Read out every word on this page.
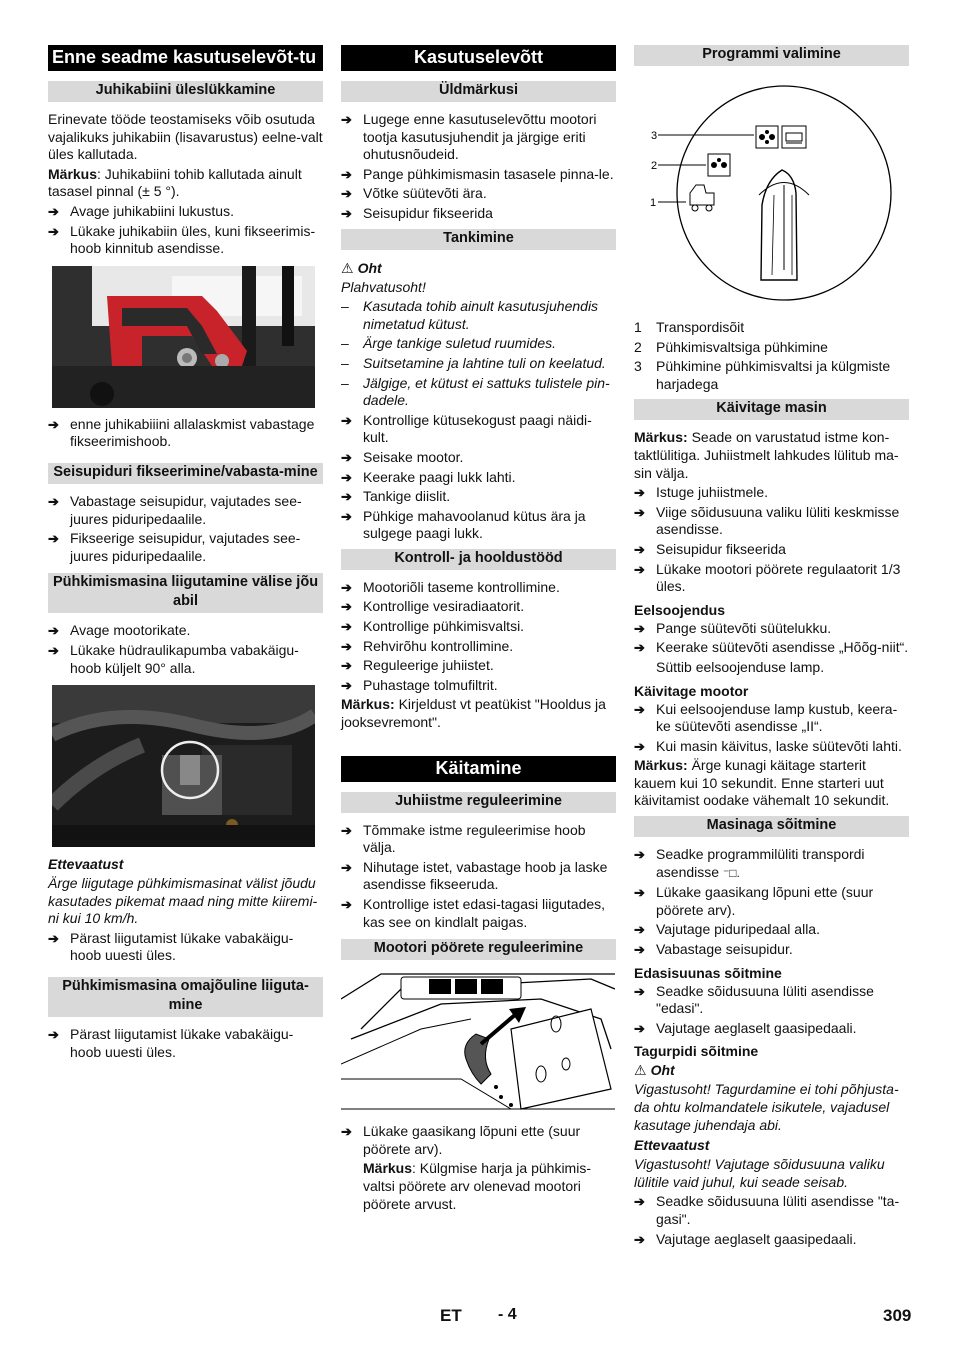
Enne seadme kasutuselevõt-tu
Juhikabiini üleslükkamine
Erinevate tööde teostamiseks võib osutuda vajalikuks juhikabiin (lisavarustus) eelne-valt üles kallutada.
Märkus: Juhikabiini tohib kallutada ainult tasasel pinnal (± 5 °).
➔ Avage juhikabiini lukustus.
➔ Lükake juhikabiin üles, kuni fikseerimis-hoob kinnitub asendisse.
➔ enne juhikabiiini allalaskmist vabastage fikseerimishoob.
Seisupiduri fikseerimine/vabasta-mine
➔ Vabastage seisupidur, vajutades see-juures piduripedaalile.
➔ Fikseerige seisupidur, vajutades see-juures piduripedaalile.
Pühkimismasina liigutamine välise jõu abil
➔ Avage mootorikate.
➔ Lükake hüdraulikapumba vabakäigu-hoob küljelt 90° alla.
Ettevaatust
Ärge liigutage pühkimismasinat välist jõudu kasutades pikemat maad ning mitte kiiremi-ni kui 10 km/h.
➔ Pärast liigutamist lükake vabakäigu-hoob uuesti üles.
Pühkimismasina omajõuline liiguta-mine
➔ Pärast liigutamist lükake vabakäigu-hoob uuesti üles.
Kasutuselevõtt
Üldmärkusi
➔ Lugege enne kasutuselevõttu mootori tootja kasutusjuhendit ja järgige eriti ohutusnõudeid.
➔ Pange pühkimismasin tasasele pinna-le.
➔ Võtke süütevõti ära.
➔ Seisupidur fikseerida
Tankimine
⚠ Oht
Plahvatusoht!
– Kasutada tohib ainult kasutusjuhendis nimetatud kütust.
– Ärge tankige suletud ruumides.
– Suitsetamine ja lahtine tuli on keelatud.
– Jälgige, et kütust ei sattuks tulistele pin-dadele.
➔ Kontrollige kütusekogust paagi näidi-kult.
➔ Seisake mootor.
➔ Keerake paagi lukk lahti.
➔ Tankige diislit.
➔ Pühkige mahavoolanud kütus ära ja sulgege paagi lukk.
Kontroll- ja hooldustööd
➔ Mootoriõli taseme kontrollimine.
➔ Kontrollige vesiradiaatorit.
➔ Kontrollige pühkimisvaltsi.
➔ Rehvirõhu kontrollimine.
➔ Reguleerige juhiistet.
➔ Puhastage tolmufiltrit.
Märkus: Kirjeldust vt peatükist "Hooldus ja jooksevremont".
Käitamine
Juhiistme reguleerimine
➔ Tõmmake istme reguleerimise hoob välja.
➔ Nihutage istet, vabastage hoob ja laske asendisse fikseeruda.
➔ Kontrollige istet edasi-tagasi liigutades, kas see on kindlalt paigas.
Mootori pöörete reguleerimine
➔ Lükake gaasikang lõpuni ette (suur pöörete arv).
Märkus: Külgmise harja ja pühkimis-valtsi pöörete arv olenevad mootori pöörete arvust.
Programmi valimine
3
2
1
1	Transpordisõit
2	Pühkimisvaltsiga pühkimine
3	Pühkimine pühkimisvaltsi ja külgmiste harjadega
Käivitage masin
Märkus: Seade on varustatud istme kon-taktlülitiga. Juhiistmelt lahkudes lülitub ma-sin välja.
➔ Istuge juhiistmele.
➔ Viige sõidusuuna valiku lüliti keskmisse asendisse.
➔ Seisupidur fikseerida
➔ Lükake mootori pöörete regulaatorit 1/3 üles.
Eelsoojendus
➔ Pange süütevõti süütelukku.
➔ Keerake süütevõti asendisse „Hõõg-niit“.
Süttib eelsoojenduse lamp.
Käivitage mootor
➔ Kui eelsoojenduse lamp kustub, keera-ke süütevõti asendisse „II“.
➔ Kui masin käivitus, laske süütevõti lahti.
Märkus: Ärge kunagi käitage starterit kauem kui 10 sekundit. Enne starteri uut käivitamist oodake vähemalt 10 sekundit.
Masinaga sõitmine
➔ Seadke programmilüliti transpordi asendisse ⁻□.
➔ Lükake gaasikang lõpuni ette (suur pöörete arv).
➔ Vajutage piduripedaal alla.
➔ Vabastage seisupidur.
Edasisuunas sõitmine
➔ Seadke sõidusuuna lüliti asendisse "edasi".
➔ Vajutage aeglaselt gaasipedaali.
Tagurpidi sõitmine
⚠ Oht
Vigastusoht! Tagurdamine ei tohi põhjusta-da ohtu kolmandatele isikutele, vajadusel kasutage juhendaja abi.
Ettevaatust
Vigastusoht! Vajutage sõidusuuna valiku lülitile vaid juhul, kui seade seisab.
➔ Seadke sõidusuuna lüliti asendisse "ta-gasi".
➔ Vajutage aeglaselt gaasipedaali.
ET - 4	309
